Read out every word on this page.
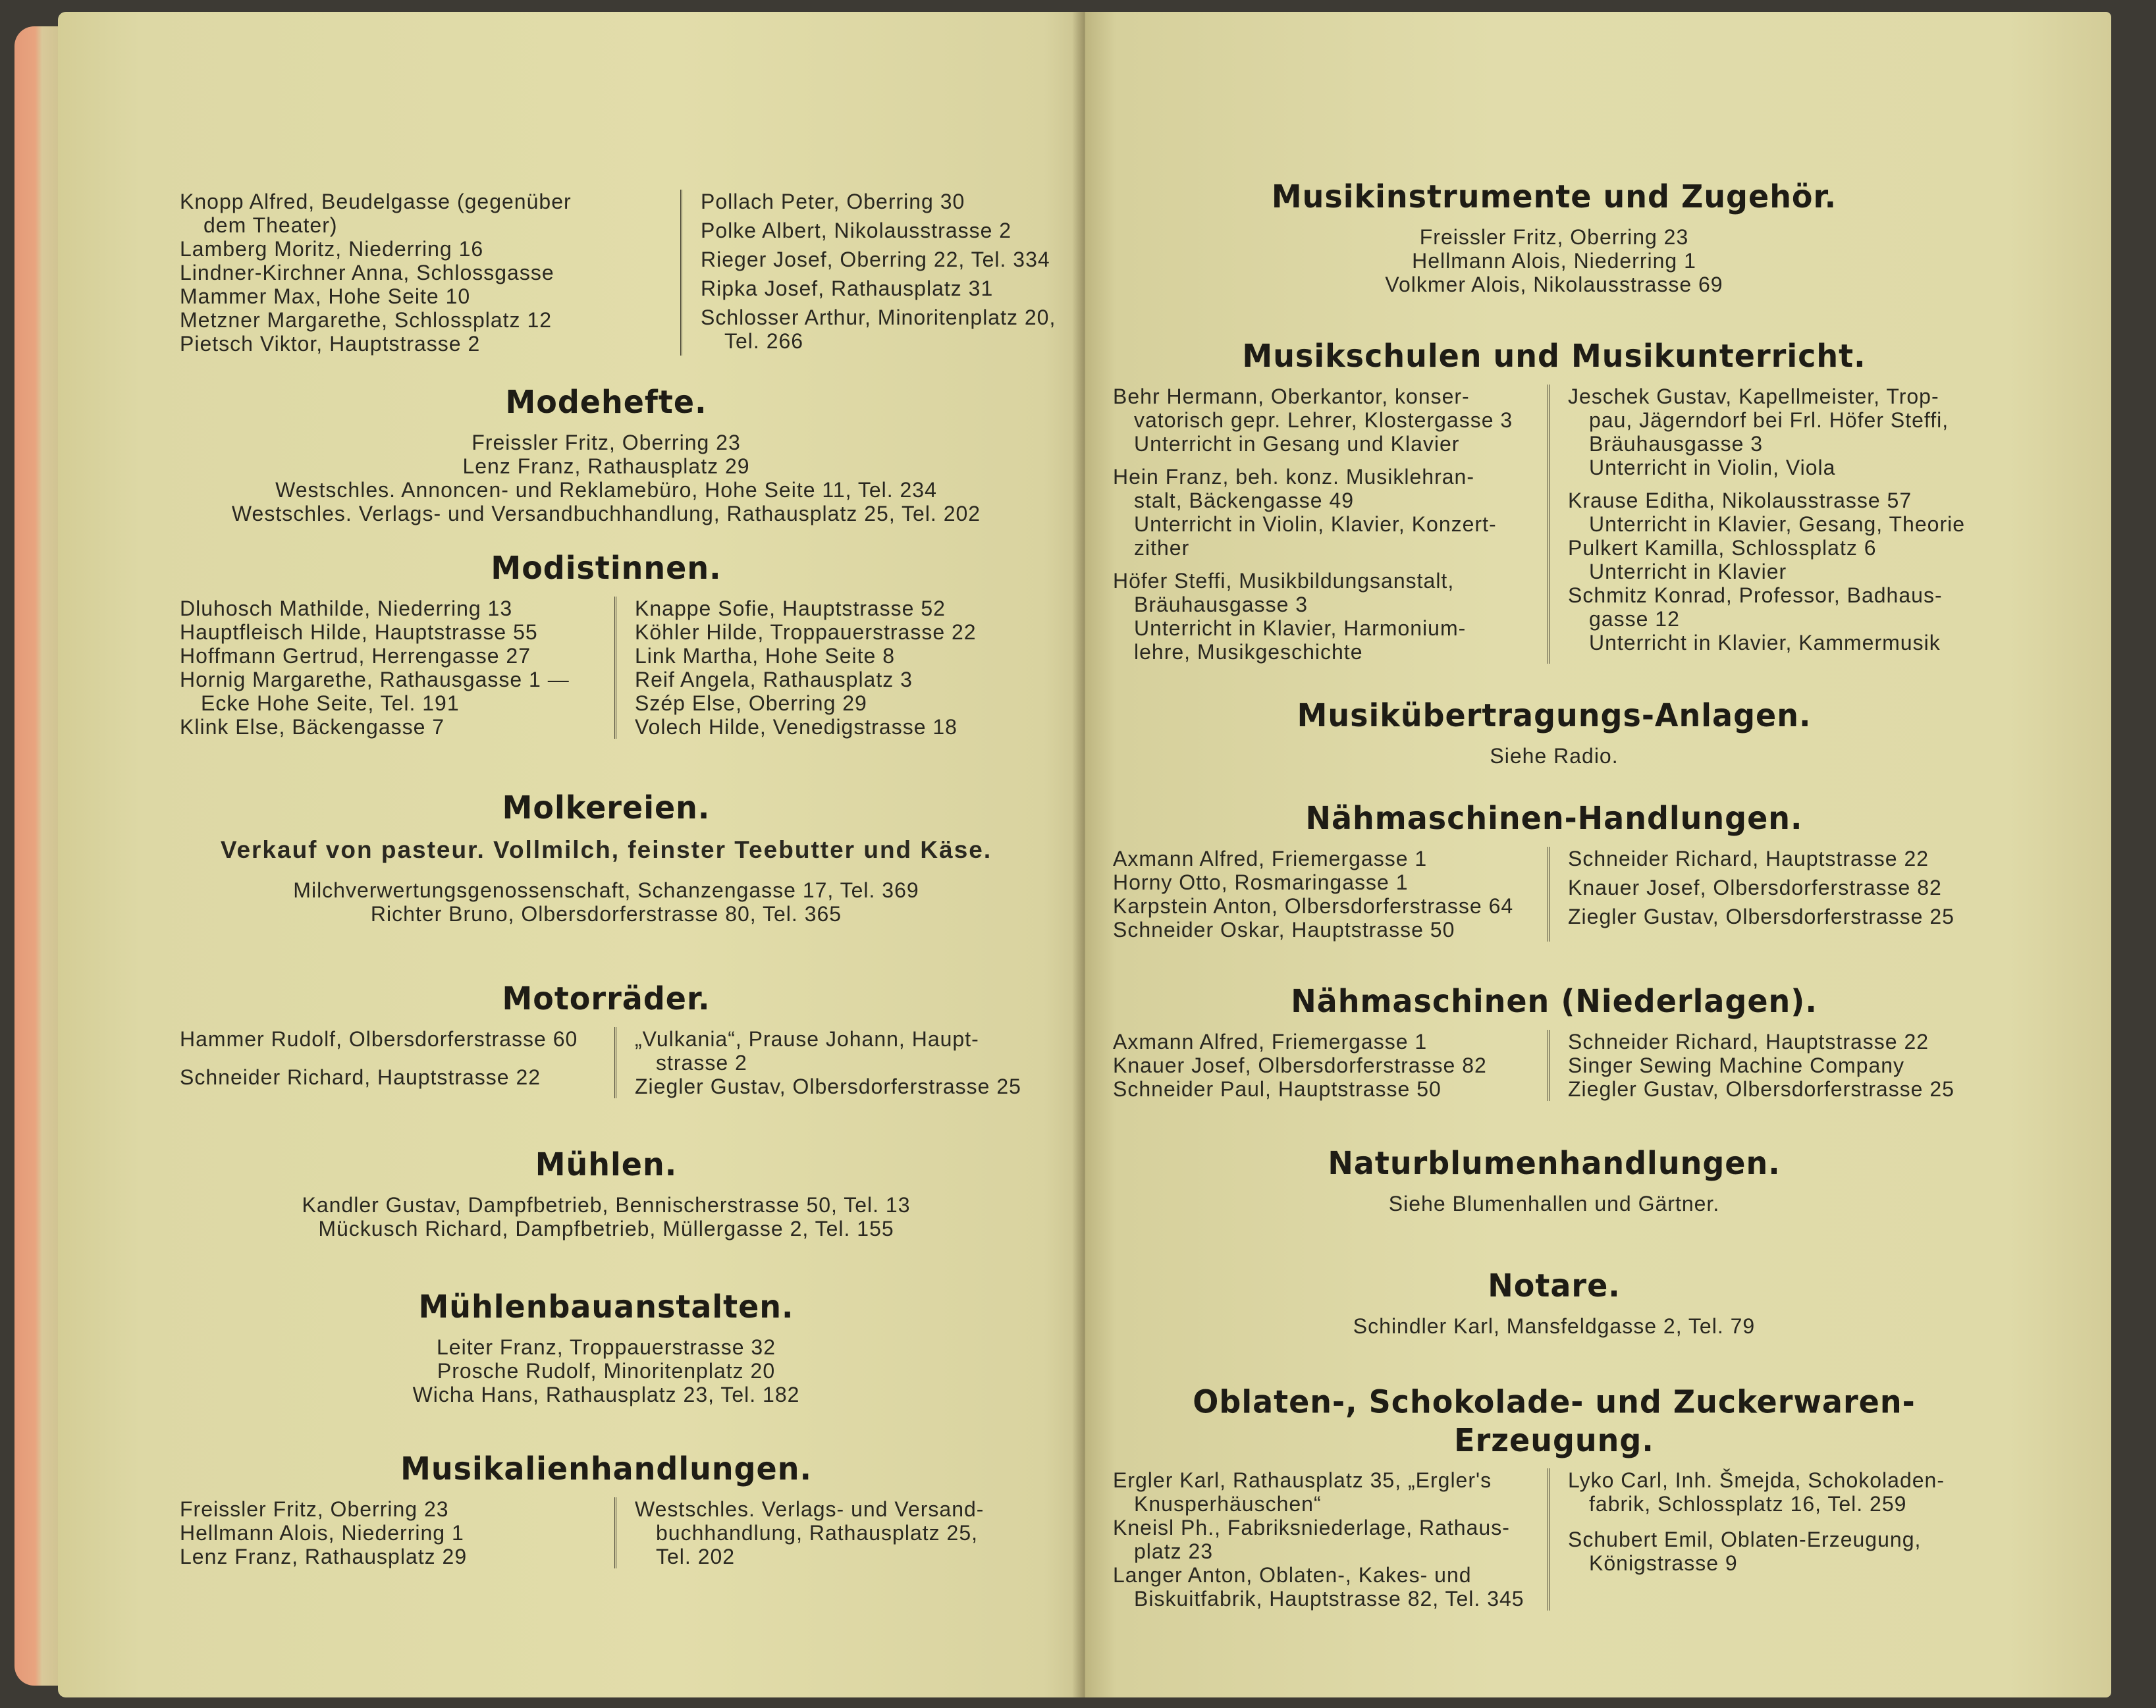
Knopp Alfred, Beudelgasse (gegenüber
dem Theater)
Lamberg Moritz, Niederring 16
Lindner-Kirchner Anna, Schlossgasse
Mammer Max, Hohe Seite 10
Metzner Margarethe, Schlossplatz 12
Pietsch Viktor, Hauptstrasse 2
Pollach Peter, Oberring 30
Polke Albert, Nikolausstrasse 2
Rieger Josef, Oberring 22, Tel. 334
Ripka Josef, Rathausplatz 31
Schlosser Arthur, Minoritenplatz 20,
Tel. 266
Modehefte.
Freissler Fritz, Oberring 23
Lenz Franz, Rathausplatz 29
Westschles. Annoncen- und Reklamebüro, Hohe Seite 11, Tel. 234
Westschles. Verlags- und Versandbuchhandlung, Rathausplatz 25, Tel. 202
Modistinnen.
Dluhosch Mathilde, Niederring 13
Hauptfleisch Hilde, Hauptstrasse 55
Hoffmann Gertrud, Herrengasse 27
Hornig Margarethe, Rathausgasse 1 —
Ecke Hohe Seite, Tel. 191
Klink Else, Bäckengasse 7
Knappe Sofie, Hauptstrasse 52
Köhler Hilde, Troppauerstrasse 22
Link Martha, Hohe Seite 8
Reif Angela, Rathausplatz 3
Szép Else, Oberring 29
Volech Hilde, Venedigstrasse 18
Molkereien.
Verkauf von pasteur. Vollmilch, feinster Teebutter und Käse.
Milchverwertungsgenossenschaft, Schanzengasse 17, Tel. 369
Richter Bruno, Olbersdorferstrasse 80, Tel. 365
Motorräder.
Hammer Rudolf, Olbersdorferstrasse 60
Schneider Richard, Hauptstrasse 22
„Vulkania“, Prause Johann, Haupt-
strasse 2
Ziegler Gustav, Olbersdorferstrasse 25
Mühlen.
Kandler Gustav, Dampfbetrieb, Bennischerstrasse 50, Tel. 13
Mückusch Richard, Dampfbetrieb, Müllergasse 2, Tel. 155
Mühlenbauanstalten.
Leiter Franz, Troppauerstrasse 32
Prosche Rudolf, Minoritenplatz 20
Wicha Hans, Rathausplatz 23, Tel. 182
Musikalienhandlungen.
Freissler Fritz, Oberring 23
Hellmann Alois, Niederring 1
Lenz Franz, Rathausplatz 29
Westschles. Verlags- und Versand-
buchhandlung, Rathausplatz 25,
Tel. 202
Musikinstrumente und Zugehör.
Freissler Fritz, Oberring 23
Hellmann Alois, Niederring 1
Volkmer Alois, Nikolausstrasse 69
Musikschulen und Musikunterricht.
Behr Hermann, Oberkantor, konser-
vatorisch gepr. Lehrer, Klostergasse 3
Unterricht in Gesang und Klavier
Hein Franz, beh. konz. Musiklehran-
stalt, Bäckengasse 49
Unterricht in Violin, Klavier, Konzert-
zither
Höfer Steffi, Musikbildungsanstalt,
Bräuhausgasse 3
Unterricht in Klavier, Harmonium-
lehre, Musikgeschichte
Jeschek Gustav, Kapellmeister, Trop-
pau, Jägerndorf bei Frl. Höfer Steffi,
Bräuhausgasse 3
Unterricht in Violin, Viola
Krause Editha, Nikolausstrasse 57
Unterricht in Klavier, Gesang, Theorie
Pulkert Kamilla, Schlossplatz 6
Unterricht in Klavier
Schmitz Konrad, Professor, Badhaus-
gasse 12
Unterricht in Klavier, Kammermusik
Musikübertragungs-Anlagen.
Siehe Radio.
Nähmaschinen-Handlungen.
Axmann Alfred, Friemergasse 1
Horny Otto, Rosmaringasse 1
Karpstein Anton, Olbersdorferstrasse 64
Schneider Oskar, Hauptstrasse 50
Schneider Richard, Hauptstrasse 22
Knauer Josef, Olbersdorferstrasse 82
Ziegler Gustav, Olbersdorferstrasse 25
Nähmaschinen (Niederlagen).
Axmann Alfred, Friemergasse 1
Knauer Josef, Olbersdorferstrasse 82
Schneider Paul, Hauptstrasse 50
Schneider Richard, Hauptstrasse 22
Singer Sewing Machine Company
Ziegler Gustav, Olbersdorferstrasse 25
Naturblumenhandlungen.
Siehe Blumenhallen und Gärtner.
Notare.
Schindler Karl, Mansfeldgasse 2, Tel. 79
Oblaten-, Schokolade- und Zuckerwaren-Erzeugung.
Ergler Karl, Rathausplatz 35, „Ergler's
Knusperhäuschen“
Kneisl Ph., Fabriksniederlage, Rathaus-
platz 23
Langer Anton, Oblaten-, Kakes- und
Biskuitfabrik, Hauptstrasse 82, Tel. 345
Lyko Carl, Inh. Šmejda, Schokoladen-
fabrik, Schlossplatz 16, Tel. 259
Schubert Emil, Oblaten-Erzeugung,
Königstrasse 9
